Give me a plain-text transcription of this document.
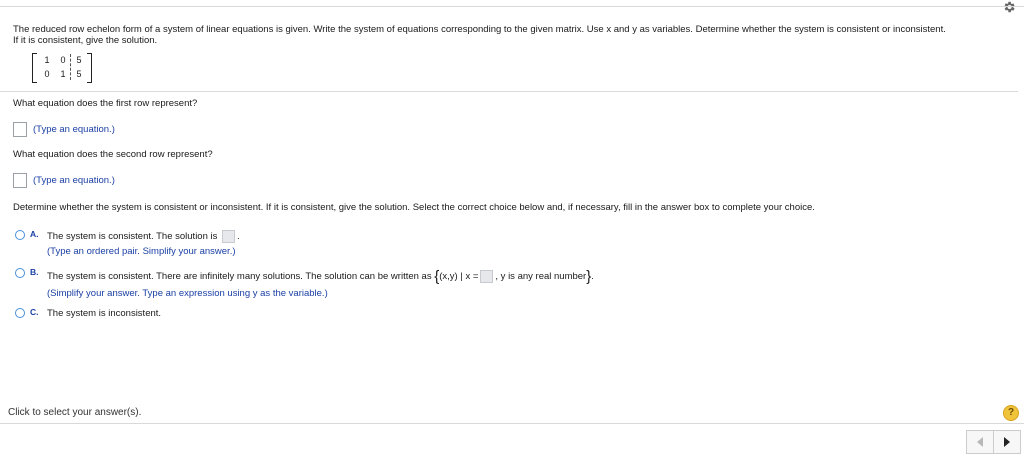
The reduced row echelon form of a system of linear equations is given. Write the system of equations corresponding to the given matrix. Use x and y as variables. Determine whether the system is consistent or inconsistent.
If it is consistent, give the solution.

1 0 5
0 1 5

What equation does the first row represent?

(Type an equation.)

What equation does the second row represent?

(Type an equation.)

Determine whether the system is consistent or inconsistent. If it is consistent, give the solution. Select the correct choice below and, if necessary, fill in the answer box to complete your choice.

A. The system is consistent. The solution is .
(Type an ordered pair. Simplify your answer.)
B. The system is consistent. There are infinitely many solutions. The solution can be written as {(x,y) | x = , y is any real number}.
(Simplify your answer. Type an expression using y as the variable.)
C. The system is inconsistent.
Click to select your answer(s).	?
